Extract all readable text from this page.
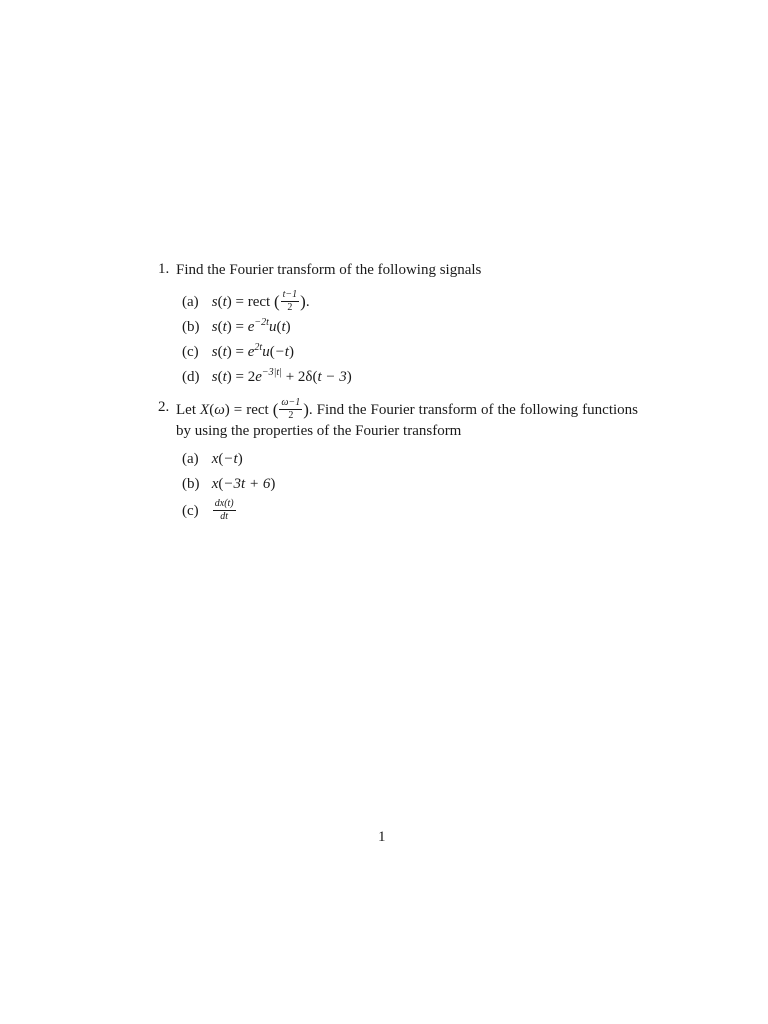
1. Find the Fourier transform of the following signals
(a) s(t) = rect ( $\frac{t-1}{2}$ ).
(b) $s(t) = e^{-2t}u(t)$
(c) $s(t) = e^{2t}u(-t)$
(d) $s(t) = 2e^{-3|t|} + 2\delta(t - 3)$
2. Let X(ω) = rect ( $\frac{\omega-1}{2}$ ). Find the Fourier transform of the following functions by using the properties of the Fourier transform
(a) x(−t)
(b) x(−3t + 6)
$(c) \frac{dx(t)}{dt}$
1
